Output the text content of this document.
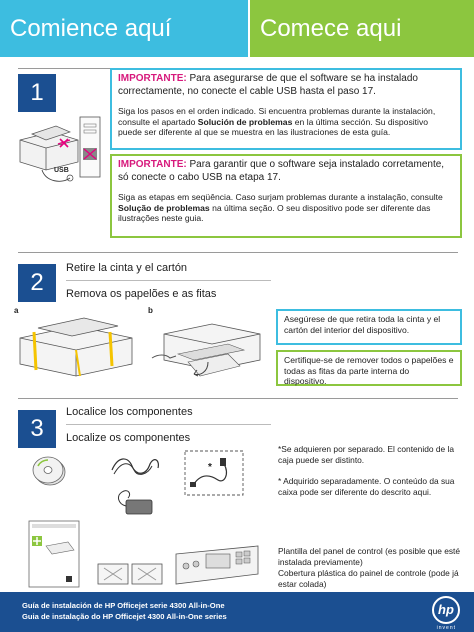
Comience aquí	Comece aqui
1
USB

IMPORTANTE: Para asegurarse de que el software se ha instalado correctamente, no conecte el cable USB hasta el paso 17.

Siga los pasos en el orden indicado. Si encuentra problemas durante la instalación, consulte el apartado Solución de problemas en la última sección. Su dispositivo puede ser diferente al que se muestra en las ilustraciones de esta guía.

IMPORTANTE: Para garantir que o software seja instalado corretamente, só conecte o cabo USB na etapa 17.

Siga as etapas em seqüência. Caso surjam problemas durante a instalação, consulte Solução de problemas na última seção. O seu dispositivo pode ser diferente das ilustrações neste guia.

2
Retire la cinta y el cartón
Remova os papelões e as fitas
a	b

Asegúrese de que retira toda la cinta y el cartón del interior del dispositivo.

Certifique-se de remover todos o papelões e todas as fitas da parte interna do dispositivo.

3
Localice los componentes
Localize os componentes
*
*Se adquieren por separado. El contenido de la caja puede ser distinto.
* Adquirido separadamente. O conteúdo da sua caixa pode ser diferente do descrito aqui.
Plantilla del panel de control (es posible que esté instalada previamente)
Cobertura plástica do painel de controle (pode já estar colada)
Guía de instalación de HP Officejet serie 4300 All-in-One
Guia de instalação do HP Officejet 4300 All-in-One series	hp
invent
